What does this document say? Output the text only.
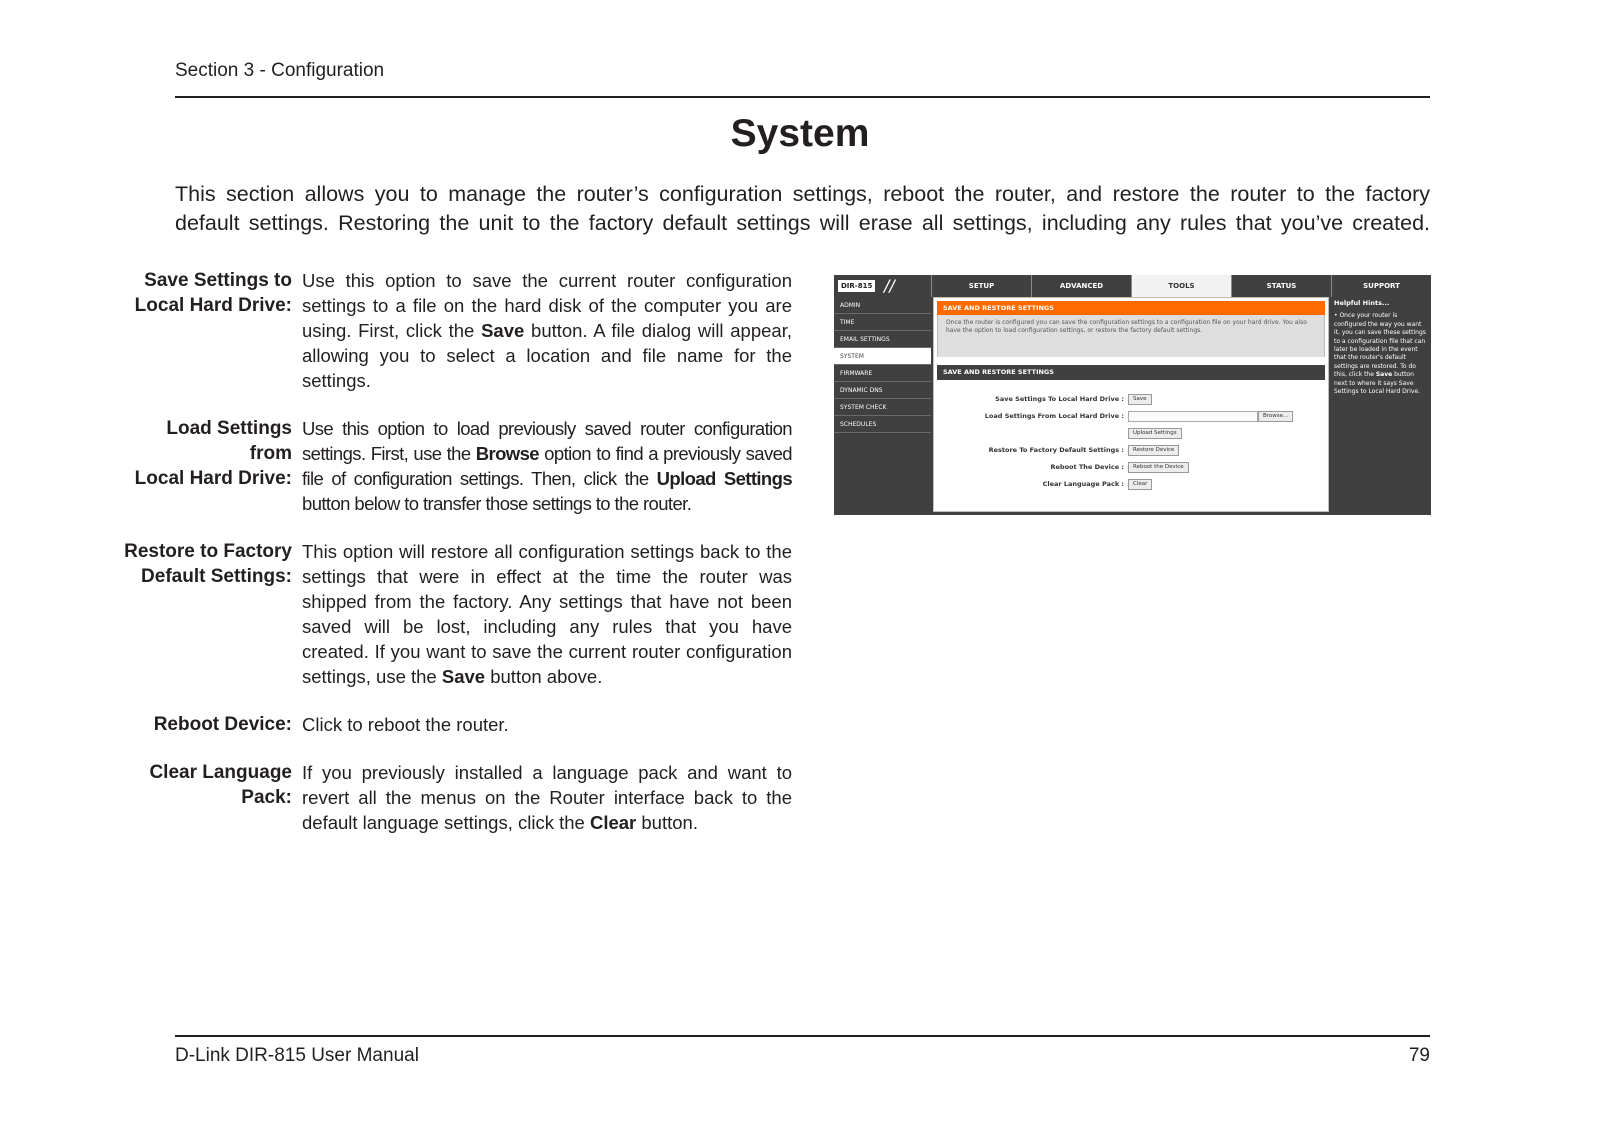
Section 3 - Configuration
System
This section allows you to manage the router’s configuration settings, reboot the router, and restore the router to the factory
default settings. Restoring the unit to the factory default settings will erase all settings, including any rules that you’ve created.
Save Settings to
Local Hard Drive:
Use this option to save the current router configuration settings to a file on the hard disk of the computer you are using. First, click the Save button. A file dialog will appear, allowing you to select a location and file name for the settings.
Load Settings from
Local Hard Drive:
Use this option to load previously saved router configuration settings. First, use the Browse option to find a previously saved file of configuration settings. Then, click the Upload Settings button below to transfer those settings to the router.
Restore to Factory
Default Settings:
This option will restore all configuration settings back to the settings that were in effect at the time the router was shipped from the factory. Any settings that have not been saved will be lost, including any rules that you have created. If you want to save the current router configuration settings, use the Save button above.
Reboot Device: Click to reboot the router.
Clear Language
Pack:
If you previously installed a language pack and want to revert all the menus on the Router interface back to the default language settings, click the Clear button.
DIR-815 //	SETUP	ADVANCED	TOOLS	STATUS	SUPPORT
ADMIN
TIME
EMAIL SETTINGS
SYSTEM
FIRMWARE
DYNAMIC DNS
SYSTEM CHECK
SCHEDULES
SAVE AND RESTORE SETTINGS
Once the router is configured you can save the configuration settings to a configuration file on your hard drive. You also have the option to load configuration settings, or restore the factory default settings.
SAVE AND RESTORE SETTINGS
Save Settings To Local Hard Drive :	Save
Load Settings From Local Hard Drive :	Browse...
Upload Settings
Restore To Factory Default Settings :	Restore Device
Reboot The Device :	Reboot the Device
Clear Language Pack :	Clear
Helpful Hints...
• Once your router is configured the way you want it, you can save these settings to a configuration file that can later be loaded in the event that the router's default settings are restored. To do this, click the Save button next to where it says Save Settings to Local Hard Drive.
D-Link DIR-815 User Manual	79
